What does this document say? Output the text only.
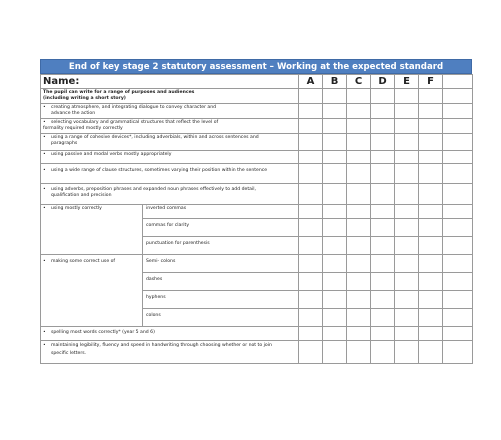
End of key stage 2 statutory assessment – Working at the expected standard
Name:		A	B	C	D	E	F	
The pupil can write for a range of purposes and audiences
(including writing a short story)								
• creating atmosphere, and integrating dialogue to convey character and
advance the action								

• selecting vocabulary and grammatical structures that reflect the level of
formality required mostly correctly								
• using a range of cohesive devices*, including adverbials, within and across sentences and
paragraphs								

• using passive and modal verbs mostly appropriately								
• using a wide range of clause structures, sometimes varying their position within the sentence								
• using adverbs, preposition phrases and expanded noun phrases effectively to add detail,
qualification and precision								

• using mostly correctly	inverted commas							
	commas for clarity							
	punctuation for parenthesis							
• making some correct use of	Semi- colons							
	dashes							
	hyphens							
	colons							
• spelling most words correctly* (year 5 and 6)								
• maintaining legibility, fluency and speed in handwriting through choosing whether or not to join
specific letters.								
